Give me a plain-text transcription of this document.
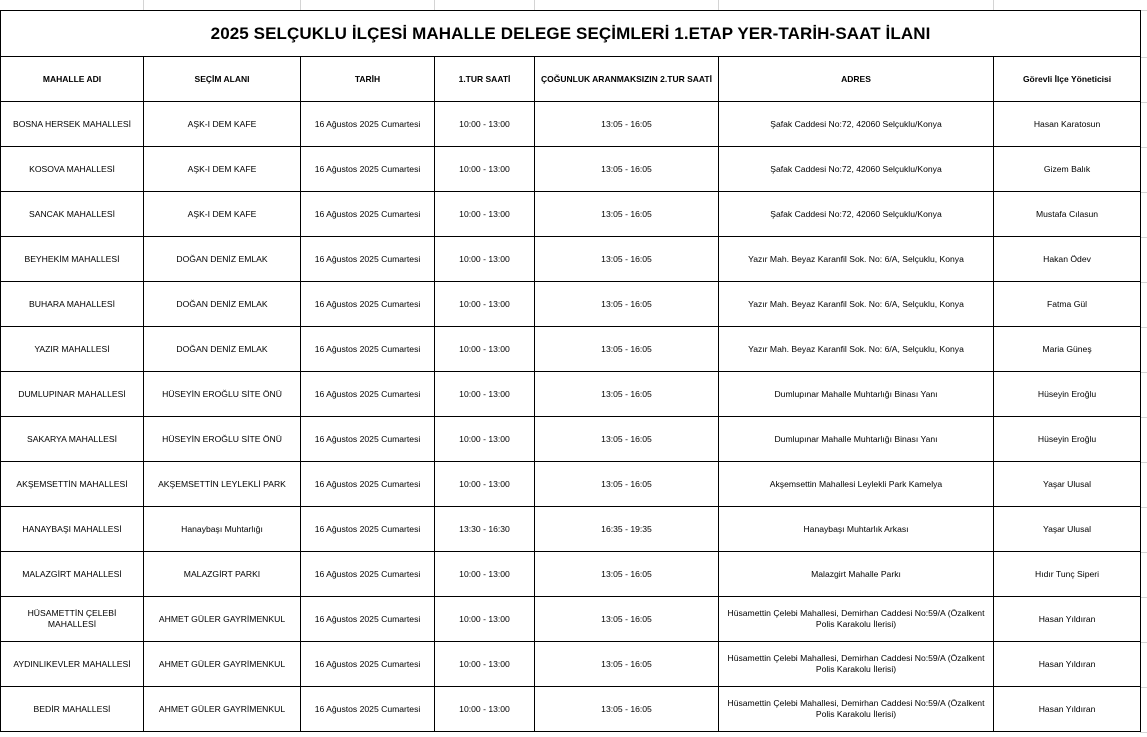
2025 SELÇUKLU İLÇESİ MAHALLE DELEGE SEÇİMLERİ 1.ETAP YER-TARİH-SAAT İLANI						
MAHALLE ADI	SEÇİM ALANI	TARİH	1.TUR SAATİ	ÇOĞUNLUK ARANMAKSIZIN 2.TUR SAATİ	ADRES	Görevli İlçe Yöneticisi
BOSNA HERSEK MAHALLESİ	AŞK-I DEM KAFE	16 Ağustos 2025 Cumartesi	10:00 - 13:00	13:05 - 16:05	Şafak Caddesi No:72, 42060 Selçuklu/Konya	Hasan Karatosun
KOSOVA MAHALLESİ	AŞK-I DEM KAFE	16 Ağustos 2025 Cumartesi	10:00 - 13:00	13:05 - 16:05	Şafak Caddesi No:72, 42060 Selçuklu/Konya	Gizem Balık
SANCAK MAHALLESİ	AŞK-I DEM KAFE	16 Ağustos 2025 Cumartesi	10:00 - 13:00	13:05 - 16:05	Şafak Caddesi No:72, 42060 Selçuklu/Konya	Mustafa Cılasun
BEYHEKİM MAHALLESİ	DOĞAN DENİZ EMLAK	16 Ağustos 2025 Cumartesi	10:00 - 13:00	13:05 - 16:05	Yazır Mah. Beyaz Karanfil Sok. No: 6/A, Selçuklu, Konya	Hakan Ödev
BUHARA MAHALLESİ	DOĞAN DENİZ EMLAK	16 Ağustos 2025 Cumartesi	10:00 - 13:00	13:05 - 16:05	Yazır Mah. Beyaz Karanfil Sok. No: 6/A, Selçuklu, Konya	Fatma Gül
YAZIR MAHALLESİ	DOĞAN DENİZ EMLAK	16 Ağustos 2025 Cumartesi	10:00 - 13:00	13:05 - 16:05	Yazır Mah. Beyaz Karanfil Sok. No: 6/A, Selçuklu, Konya	Maria Güneş
DUMLUPINAR MAHALLESİ	HÜSEYİN EROĞLU SİTE ÖNÜ	16 Ağustos 2025 Cumartesi	10:00 - 13:00	13:05 - 16:05	Dumlupınar Mahalle Muhtarlığı Binası Yanı	Hüseyin Eroğlu
SAKARYA MAHALLESİ	HÜSEYİN EROĞLU SİTE ÖNÜ	16 Ağustos 2025 Cumartesi	10:00 - 13:00	13:05 - 16:05	Dumlupınar Mahalle Muhtarlığı Binası Yanı	Hüseyin Eroğlu
AKŞEMSETTİN MAHALLESİ	AKŞEMSETTİN LEYLEKLİ PARK	16 Ağustos 2025 Cumartesi	10:00 - 13:00	13:05 - 16:05	Akşemsettin Mahallesi Leylekli Park Kamelya	Yaşar Ulusal
HANAYBAŞI MAHALLESİ	Hanaybaşı Muhtarlığı	16 Ağustos 2025 Cumartesi	13:30 - 16:30	16:35 - 19:35	Hanaybaşı Muhtarlık Arkası	Yaşar Ulusal
MALAZGİRT MAHALLESİ	MALAZGİRT PARKI	16 Ağustos 2025 Cumartesi	10:00 - 13:00	13:05 - 16:05	Malazgirt Mahalle Parkı	Hıdır Tunç Siperi
HÜSAMETTİN ÇELEBİ MAHALLESİ	AHMET GÜLER GAYRİMENKUL	16 Ağustos 2025 Cumartesi	10:00 - 13:00	13:05 - 16:05	Hüsamettin Çelebi Mahallesi, Demirhan Caddesi No:59/A (Özalkent Polis Karakolu İlerisi)	Hasan Yıldıran
AYDINLIKEVLER MAHALLESİ	AHMET GÜLER GAYRİMENKUL	16 Ağustos 2025 Cumartesi	10:00 - 13:00	13:05 - 16:05	Hüsamettin Çelebi Mahallesi, Demirhan Caddesi No:59/A (Özalkent Polis Karakolu İlerisi)	Hasan Yıldıran
BEDİR MAHALLESİ	AHMET GÜLER GAYRİMENKUL	16 Ağustos 2025 Cumartesi	10:00 - 13:00	13:05 - 16:05	Hüsamettin Çelebi Mahallesi, Demirhan Caddesi No:59/A (Özalkent Polis Karakolu İlerisi)	Hasan Yıldıran
